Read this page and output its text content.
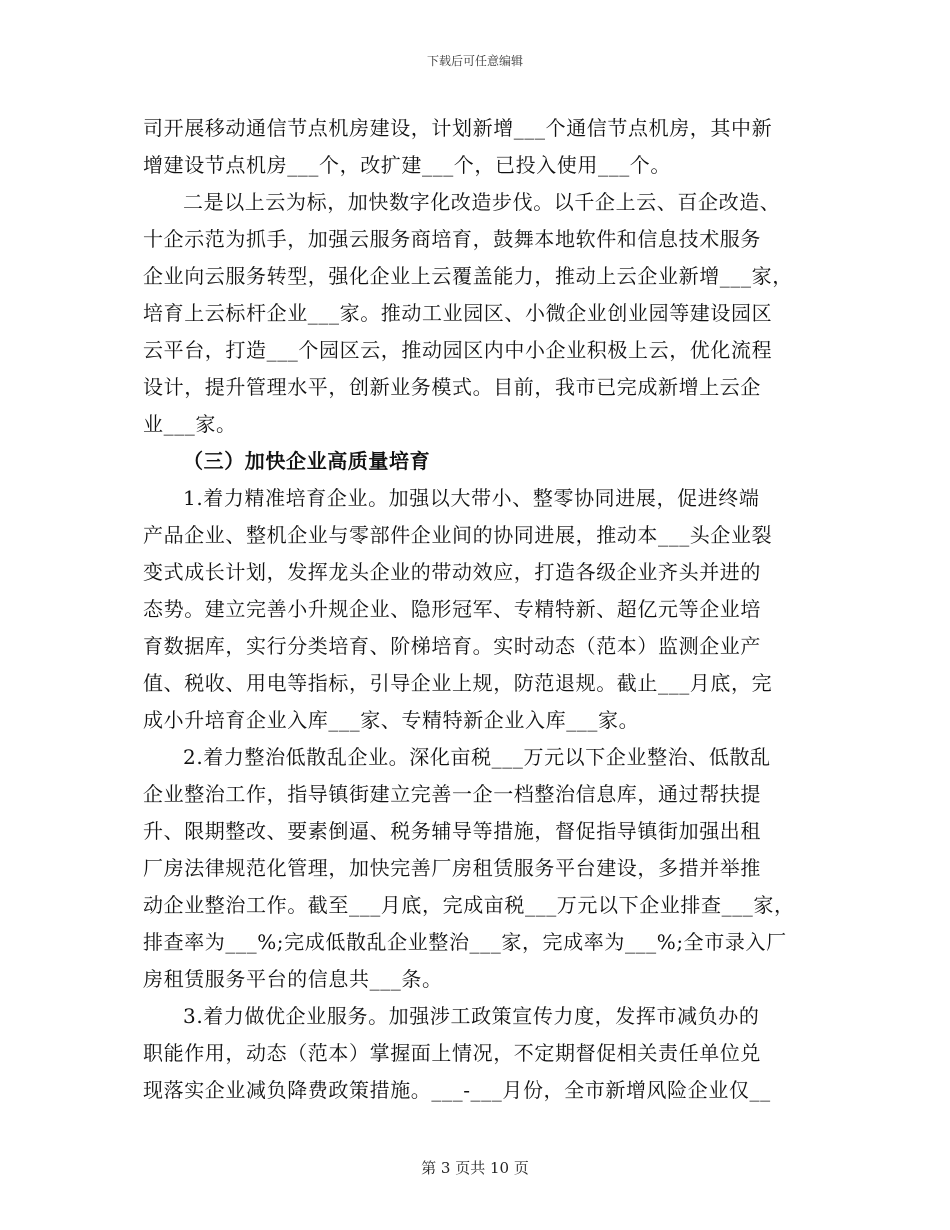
下载后可任意编辑
司开展移动通信节点机房建设，计划新增___个通信节点机房，其中新
增建设节点机房___个，改扩建___个，已投入使用___个。
二是以上云为标，加快数字化改造步伐。以千企上云、百企改造、
十企示范为抓手，加强云服务商培育，鼓舞本地软件和信息技术服务
企业向云服务转型，强化企业上云覆盖能力，推动上云企业新增___家，
培育上云标杆企业___家。推动工业园区、小微企业创业园等建设园区
云平台，打造___个园区云，推动园区内中小企业积极上云，优化流程
设计，提升管理水平，创新业务模式。目前，我市已完成新增上云企
业___家。
（三）加快企业高质量培育
1.着力精准培育企业。加强以大带小、整零协同进展，促进终端
产品企业、整机企业与零部件企业间的协同进展，推动本___头企业裂
变式成长计划，发挥龙头企业的带动效应，打造各级企业齐头并进的
态势。建立完善小升规企业、隐形冠军、专精特新、超亿元等企业培
育数据库，实行分类培育、阶梯培育。实时动态（范本）监测企业产
值、税收、用电等指标，引导企业上规，防范退规。截止___月底，完
成小升培育企业入库___家、专精特新企业入库___家。
2.着力整治低散乱企业。深化亩税___万元以下企业整治、低散乱
企业整治工作，指导镇街建立完善一企一档整治信息库，通过帮扶提
升、限期整改、要素倒逼、税务辅导等措施，督促指导镇街加强出租
厂房法律规范化管理，加快完善厂房租赁服务平台建设，多措并举推
动企业整治工作。截至___月底，完成亩税___万元以下企业排查___家，
排查率为___%;完成低散乱企业整治___家，完成率为___%;全市录入厂
房租赁服务平台的信息共___条。
3.着力做优企业服务。加强涉工政策宣传力度，发挥市减负办的
职能作用，动态（范本）掌握面上情况，不定期督促相关责任单位兑
现落实企业减负降费政策措施。___-___月份，全市新增风险企业仅__
第 3 页共 10 页
